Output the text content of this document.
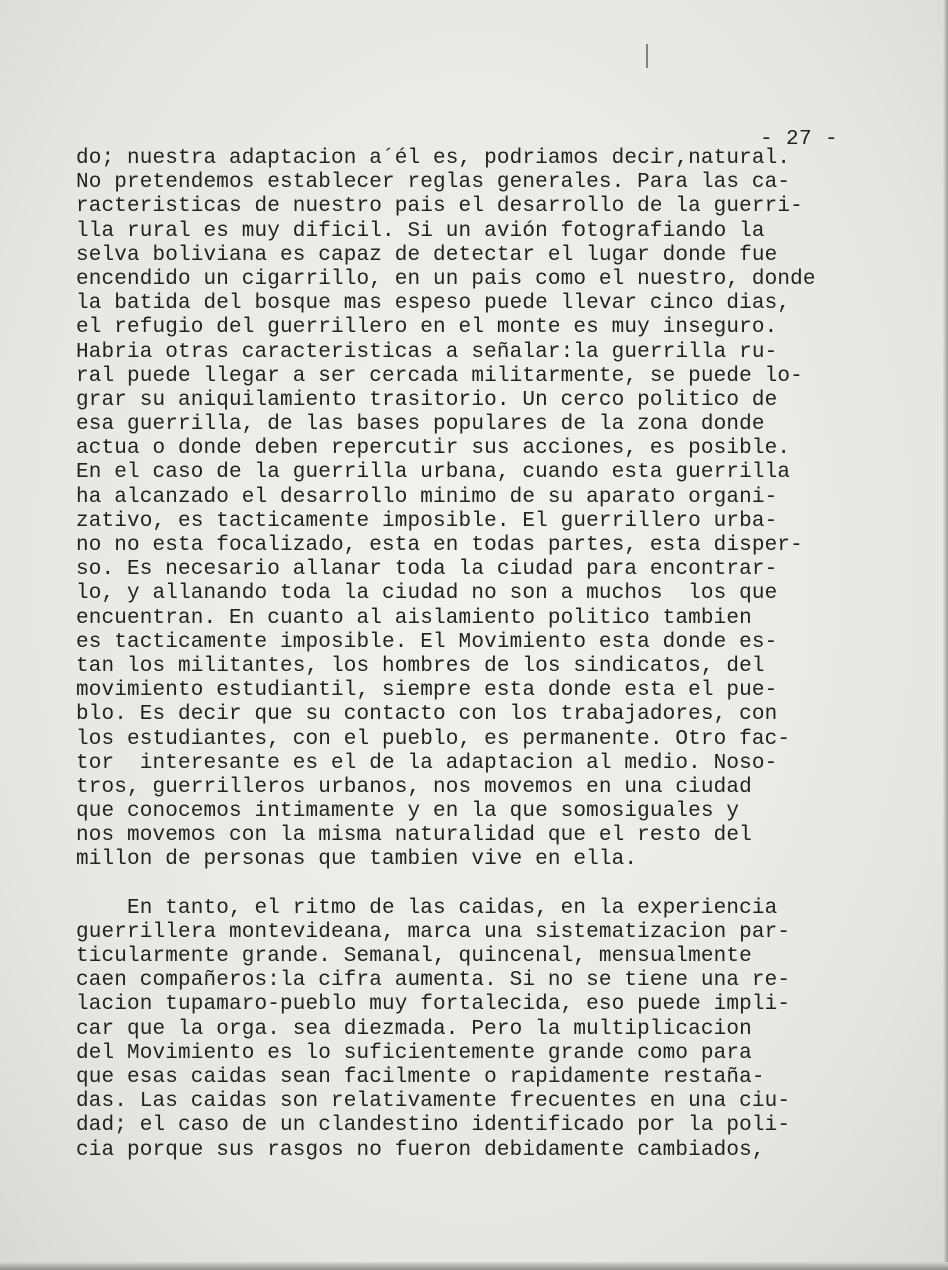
- 27 -
do; nuestra adaptacion a´él es, podriamos decir,natural.
No pretendemos establecer reglas generales. Para las ca-
racteristicas de nuestro pais el desarrollo de la guerri-
lla rural es muy dificil. Si un avión fotografiando la
selva boliviana es capaz de detectar el lugar donde fue
encendido un cigarrillo, en un pais como el nuestro, donde
la batida del bosque mas espeso puede llevar cinco dias,
el refugio del guerrillero en el monte es muy inseguro.
Habria otras caracteristicas a señalar:la guerrilla ru-
ral puede llegar a ser cercada militarmente, se puede lo-
grar su aniquilamiento trasitorio. Un cerco politico de
esa guerrilla, de las bases populares de la zona donde
actua o donde deben repercutir sus acciones, es posible.
En el caso de la guerrilla urbana, cuando esta guerrilla
ha alcanzado el desarrollo minimo de su aparato organi-
zativo, es tacticamente imposible. El guerrillero urba-
no no esta focalizado, esta en todas partes, esta disper-
so. Es necesario allanar toda la ciudad para encontrar-
lo, y allanando toda la ciudad no son a muchos  los que
encuentran. En cuanto al aislamiento politico tambien
es tacticamente imposible. El Movimiento esta donde es-
tan los militantes, los hombres de los sindicatos, del
movimiento estudiantil, siempre esta donde esta el pue-
blo. Es decir que su contacto con los trabajadores, con
los estudiantes, con el pueblo, es permanente. Otro fac-
tor  interesante es el de la adaptacion al medio. Noso-
tros, guerrilleros urbanos, nos movemos en una ciudad
que conocemos intimamente y en la que somosiguales y
nos movemos con la misma naturalidad que el resto del
millon de personas que tambien vive en ella.
En tanto, el ritmo de las caidas, en la experiencia
guerrillera montevideana, marca una sistematizacion par-
ticularmente grande. Semanal, quincenal, mensualmente
caen compañeros:la cifra aumenta. Si no se tiene una re-
lacion tupamaro-pueblo muy fortalecida, eso puede impli-
car que la orga. sea diezmada. Pero la multiplicacion
del Movimiento es lo suficientemente grande como para
que esas caidas sean facilmente o rapidamente restaña-
das. Las caidas son relativamente frecuentes en una ciu-
dad; el caso de un clandestino identificado por la poli-
cia porque sus rasgos no fueron debidamente cambiados,
